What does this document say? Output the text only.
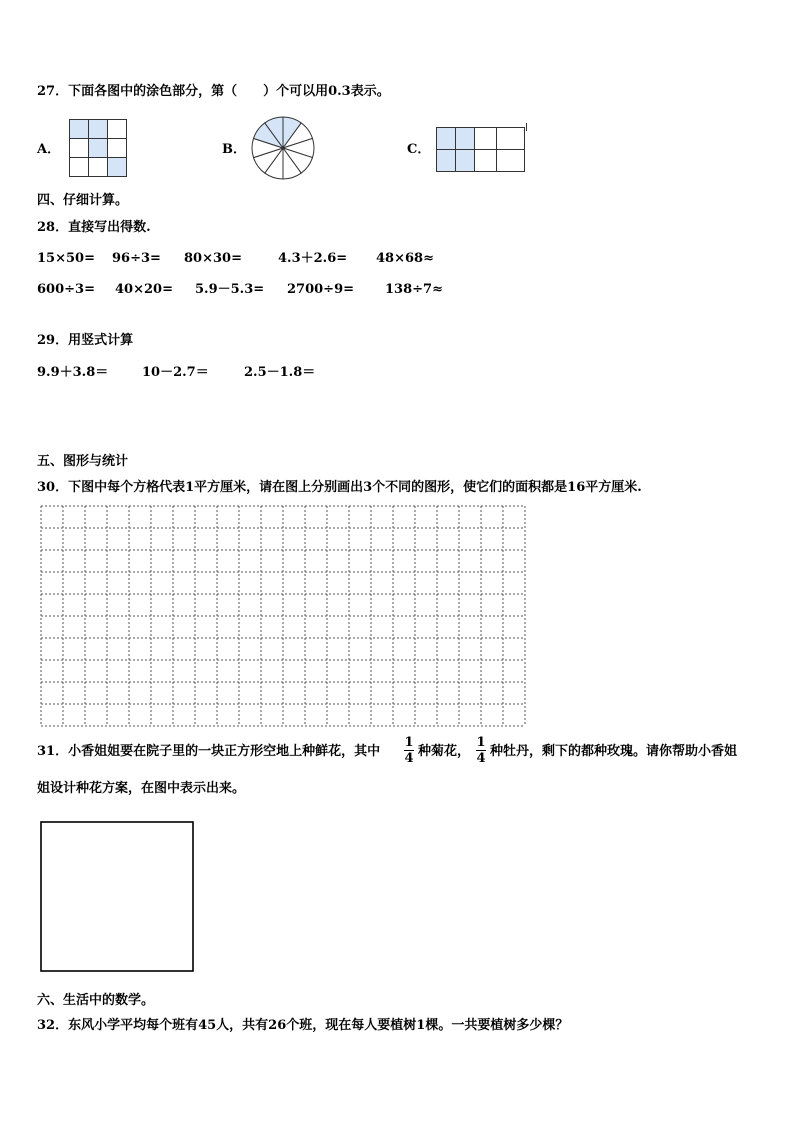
27．下面各图中的涂色部分，第（　　）个可以用0.3表示。
A．	B．	C．
四、仔细计算。
28．直接写出得数.
15×50= 96÷3= 80×30=	4.3＋2.6= 48×68≈
600÷3= 40×20= 5.9－5.3= 2700÷9= 138÷7≈
29．用竖式计算
9.9＋3.8＝	10－2.7＝	2.5－1.8＝
五、图形与统计
30．下图中每个方格代表1平方厘米，请在图上分别画出3个不同的图形，使它们的面积都是16平方厘米.
31．小香姐姐要在院子里的一块正方形空地上种鲜花，其中
1
4 种菊花，
1
4 种牡丹，剩下的都种玫瑰。请你帮助小香姐
姐设计种花方案，在图中表示出来。
六、生活中的数学。
32．东风小学平均每个班有45人，共有26个班，现在每人要植树1棵。一共要植树多少棵？
